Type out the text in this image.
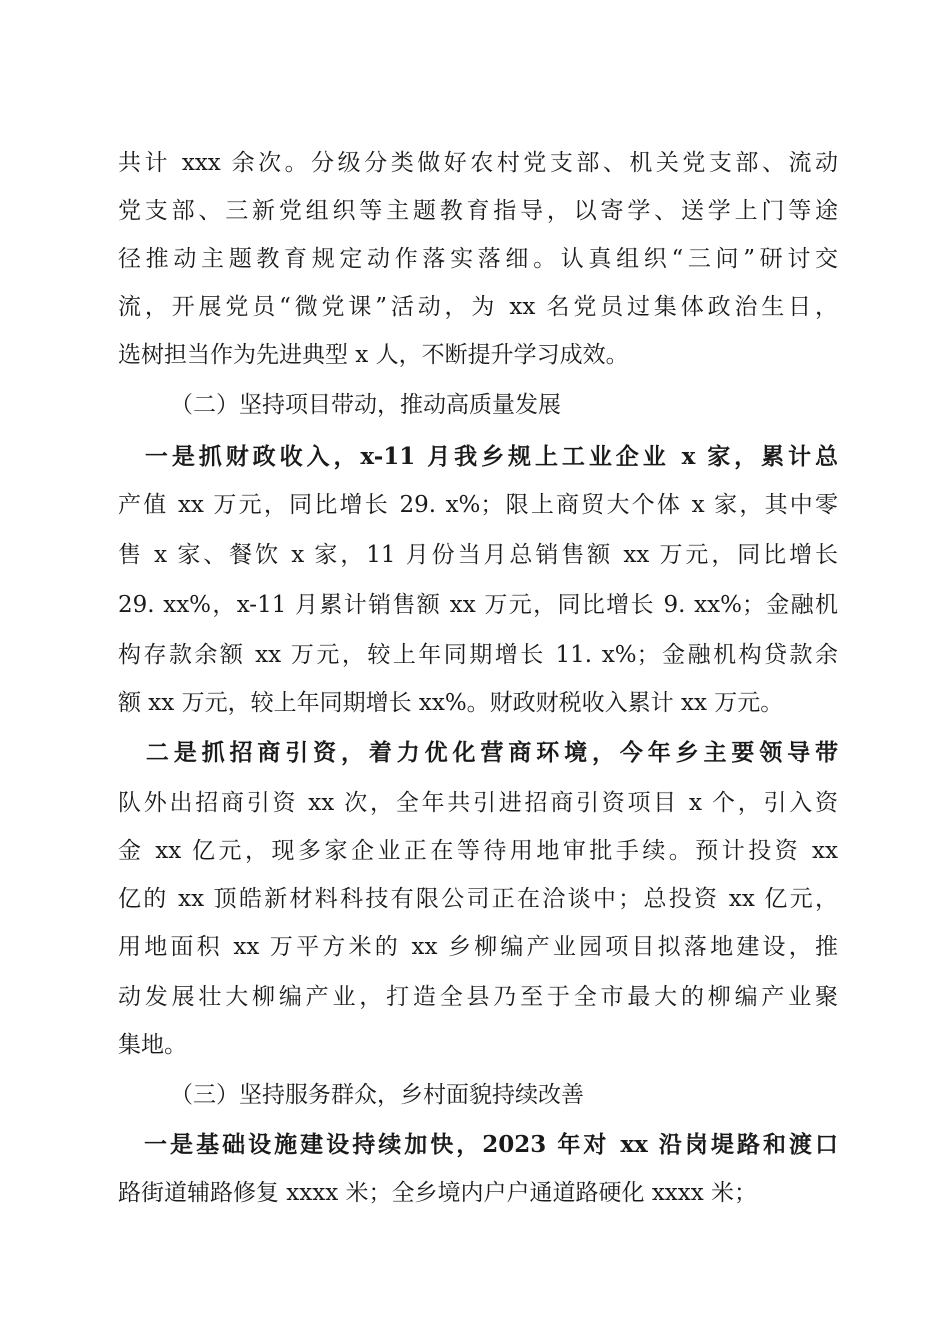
共计 xxx 余次。分级分类做好农村党支部、机关党支部、流动
党支部、三新党组织等主题教育指导，以寄学、送学上门等途
径推动主题教育规定动作落实落细。认真组织“三问”研讨交
流，开展党员“微党课”活动，为 xx 名党员过集体政治生日，
选树担当作为先进典型 x 人，不断提升学习成效。
（二）坚持项目带动，推动高质量发展
　一是抓财政收入，x-11 月我乡规上工业企业 x 家，累计总
产值 xx 万元，同比增长 29. x%；限上商贸大个体 x 家，其中零
售 x 家、餐饮 x 家，11 月份当月总销售额 xx 万元，同比增长
29. xx%，x-11 月累计销售额 xx 万元，同比增长 9. xx%；金融机
构存款余额 xx 万元，较上年同期增长 11. x%；金融机构贷款余
额 xx 万元，较上年同期增长 xx%。财政财税收入累计 xx 万元。
　二是抓招商引资，着力优化营商环境，今年乡主要领导带
队外出招商引资 xx 次，全年共引进招商引资项目 x 个，引入资
金 xx 亿元，现多家企业正在等待用地审批手续。预计投资 xx
亿的 xx 顶皓新材料科技有限公司正在洽谈中；总投资 xx 亿元，
用地面积 xx 万平方米的 xx 乡柳编产业园项目拟落地建设，推
动发展壮大柳编产业，打造全县乃至于全市最大的柳编产业聚
集地。
（三）坚持服务群众，乡村面貌持续改善
　一是基础设施建设持续加快，2023 年对 xx 沿岗堤路和渡口
路街道辅路修复 xxxx 米；全乡境内户户通道路硬化 xxxx 米；
